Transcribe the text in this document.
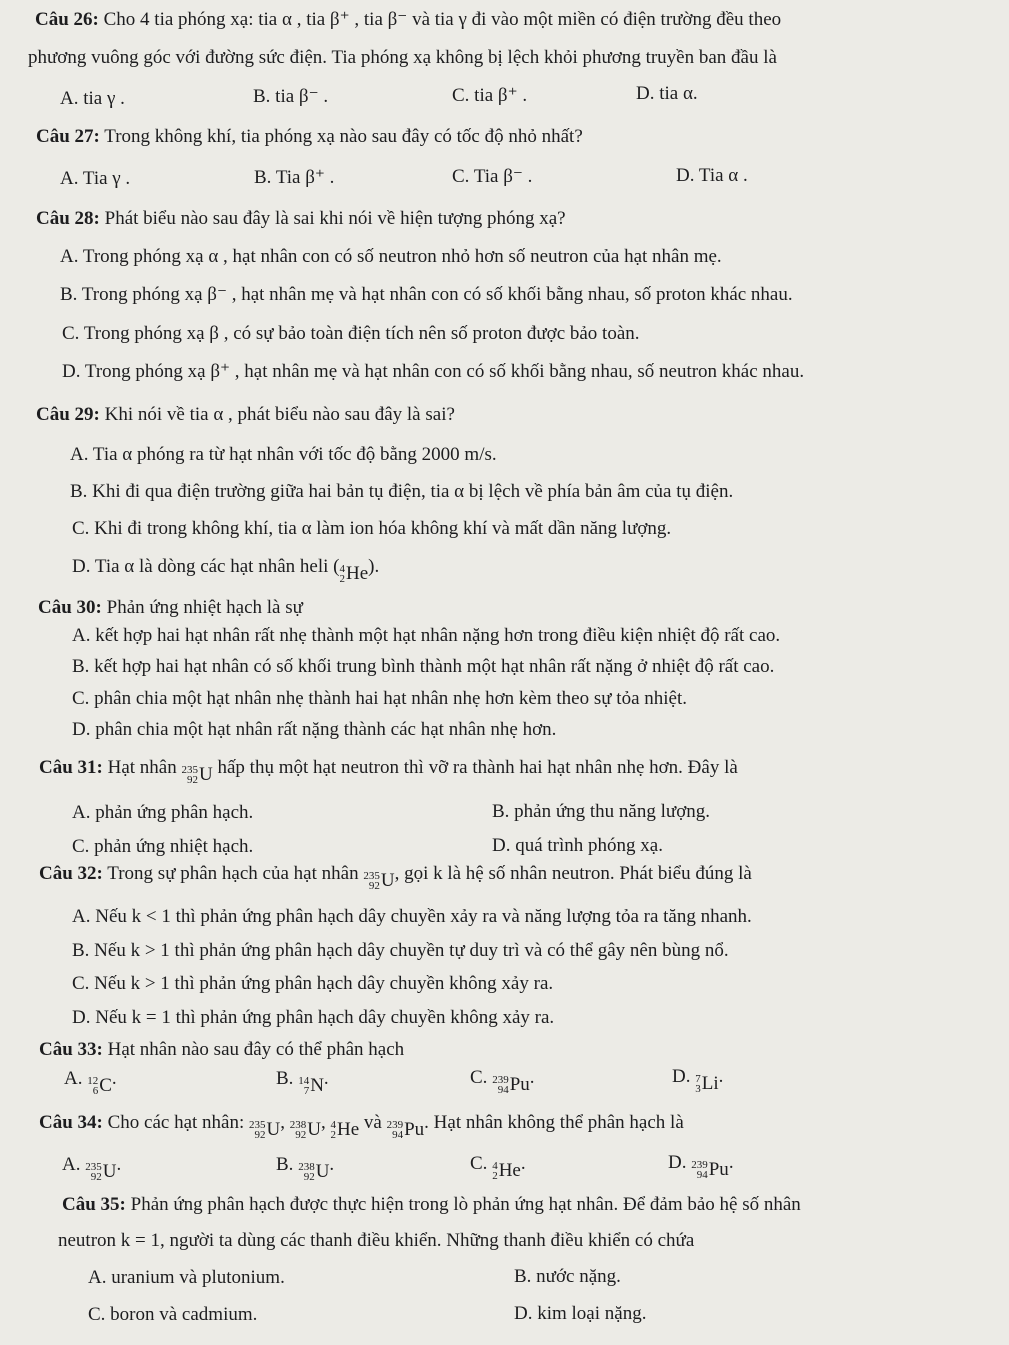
Câu 26: Cho 4 tia phóng xạ: tia α , tia β⁺ , tia β⁻ và tia γ đi vào một miền có điện trường đều theo
phương vuông góc với đường sức điện. Tia phóng xạ không bị lệch khỏi phương truyền ban đầu là
A. tia γ .	B. tia β⁻ .	C. tia β⁺ .	D. tia α.
Câu 27: Trong không khí, tia phóng xạ nào sau đây có tốc độ nhỏ nhất?
A. Tia γ .	B. Tia β⁺ .	C. Tia β⁻ .	D. Tia α .
Câu 28: Phát biểu nào sau đây là sai khi nói về hiện tượng phóng xạ?
A. Trong phóng xạ α , hạt nhân con có số neutron nhỏ hơn số neutron của hạt nhân mẹ.
B. Trong phóng xạ β⁻ , hạt nhân mẹ và hạt nhân con có số khối bằng nhau, số proton khác nhau.
C. Trong phóng xạ β , có sự bảo toàn điện tích nên số proton được bảo toàn.
D. Trong phóng xạ β⁺ , hạt nhân mẹ và hạt nhân con có số khối bằng nhau, số neutron khác nhau.
Câu 29: Khi nói về tia α , phát biểu nào sau đây là sai?
A. Tia α phóng ra từ hạt nhân với tốc độ bằng 2000 m/s.
B. Khi đi qua điện trường giữa hai bản tụ điện, tia α bị lệch về phía bản âm của tụ điện.
C. Khi đi trong không khí, tia α làm ion hóa không khí và mất dần năng lượng.
D. Tia α là dòng các hạt nhân heli ( 4
2 He ).
Câu 30: Phản ứng nhiệt hạch là sự
A. kết hợp hai hạt nhân rất nhẹ thành một hạt nhân nặng hơn trong điều kiện nhiệt độ rất cao.
B. kết hợp hai hạt nhân có số khối trung bình thành một hạt nhân rất nặng ở nhiệt độ rất cao.
C. phân chia một hạt nhân nhẹ thành hai hạt nhân nhẹ hơn kèm theo sự tỏa nhiệt.
D. phân chia một hạt nhân rất nặng thành các hạt nhân nhẹ hơn.
Câu 31: Hạt nhân 235
92 U hấp thụ một hạt neutron thì vỡ ra thành hai hạt nhân nhẹ hơn. Đây là
A. phản ứng phân hạch.	B. phản ứng thu năng lượng.
C. phản ứng nhiệt hạch.	D. quá trình phóng xạ.
Câu 32: Trong sự phân hạch của hạt nhân 235
92 U , gọi k là hệ số nhân neutron. Phát biểu đúng là
A. Nếu k < 1 thì phản ứng phân hạch dây chuyền xảy ra và năng lượng tỏa ra tăng nhanh.
B. Nếu k > 1 thì phản ứng phân hạch dây chuyền tự duy trì và có thể gây nên bùng nổ.
C. Nếu k > 1 thì phản ứng phân hạch dây chuyền không xảy ra.
D. Nếu k = 1 thì phản ứng phân hạch dây chuyền không xảy ra.
Câu 33: Hạt nhân nào sau đây có thể phân hạch
A. 12
6 C .	B. 14
7 N .	C. 239
94 Pu .	D. 7
3 Li .
Câu 34: Cho các hạt nhân: 235
92 U , 238
92 U , 4
2 He và 239
94 Pu . Hạt nhân không thể phân hạch là
A. 235
92 U .	B. 238
92 U .	C. 4
2 He .	D. 239
94 Pu .
Câu 35: Phản ứng phân hạch được thực hiện trong lò phản ứng hạt nhân. Để đảm bảo hệ số nhân
neutron k = 1, người ta dùng các thanh điều khiển. Những thanh điều khiển có chứa
A. uranium và plutonium.	B. nước nặng.
C. boron và cadmium.	D. kim loại nặng.
